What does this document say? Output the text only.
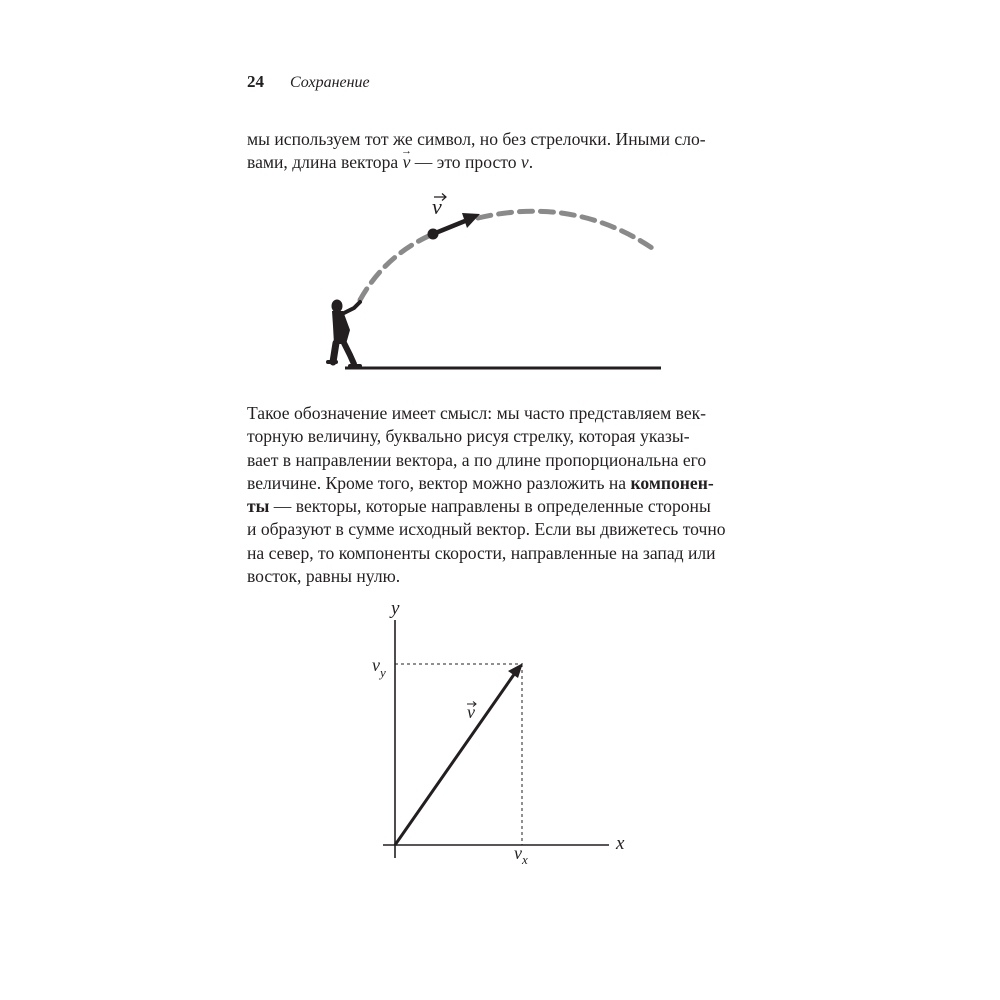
24 Сохранение
мы используем тот же символ, но без стрелочки. Иными сло-
вами, длина вектора → v — это просто v.
v
Такое обозначение имеет смысл: мы часто представляем век-
торную величину, буквально рисуя стрелку, которая указы-
вает в направлении вектора, а по длине пропорциональна его
величине. Кроме того, вектор можно разложить на компонен-
ты — векторы, которые направлены в определенные стороны
и образуют в сумме исходный вектор. Если вы движетесь точно
на север, то компоненты скорости, направленные на запад или
восток, равны нулю.
y
x
v
$v_y$
$v_x$
